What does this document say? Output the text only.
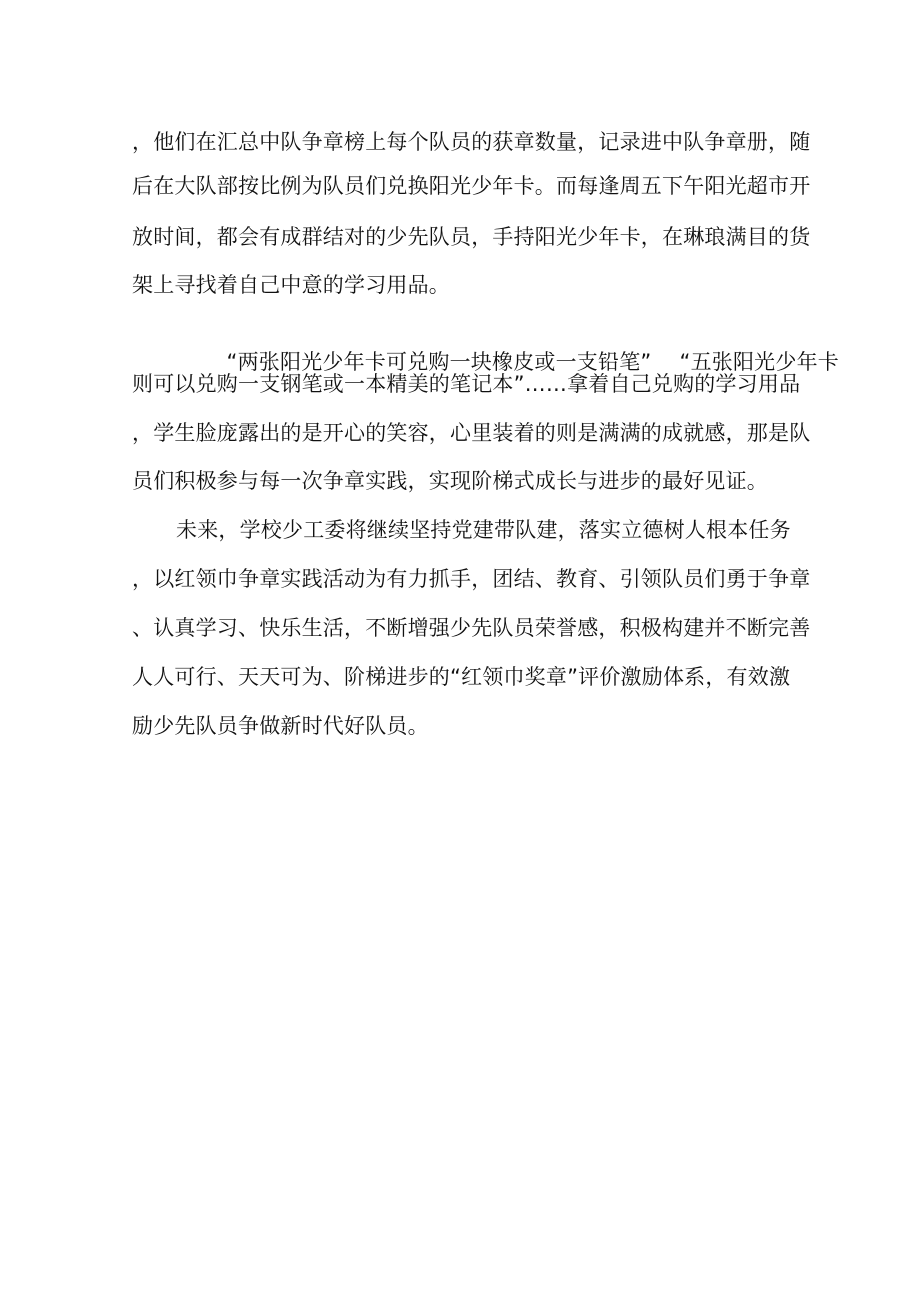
，他们在汇总中队争章榜上每个队员的获章数量，记录进中队争章册，随
后在大队部按比例为队员们兑换阳光少年卡。而每逢周五下午阳光超市开
放时间，都会有成群结对的少先队员，手持阳光少年卡，在琳琅满目的货
架上寻找着自己中意的学习用品。

“两张阳光少年卡可兑购一块橡皮或一支铅笔” “五张阳光少年卡

则可以兑购一支钢笔或一本精美的笔记本”……拿着自己兑购的学习用品
，学生脸庞露出的是开心的笑容，心里装着的则是满满的成就感，那是队
员们积极参与每一次争章实践，实现阶梯式成长与进步的最好见证。
未来，学校少工委将继续坚持党建带队建，落实立德树人根本任务
，以红领巾争章实践活动为有力抓手，团结、教育、引领队员们勇于争章
、认真学习、快乐生活，不断增强少先队员荣誉感，积极构建并不断完善
人人可行、天天可为、阶梯进步的“红领巾奖章”评价激励体系，有效激
励少先队员争做新时代好队员。
